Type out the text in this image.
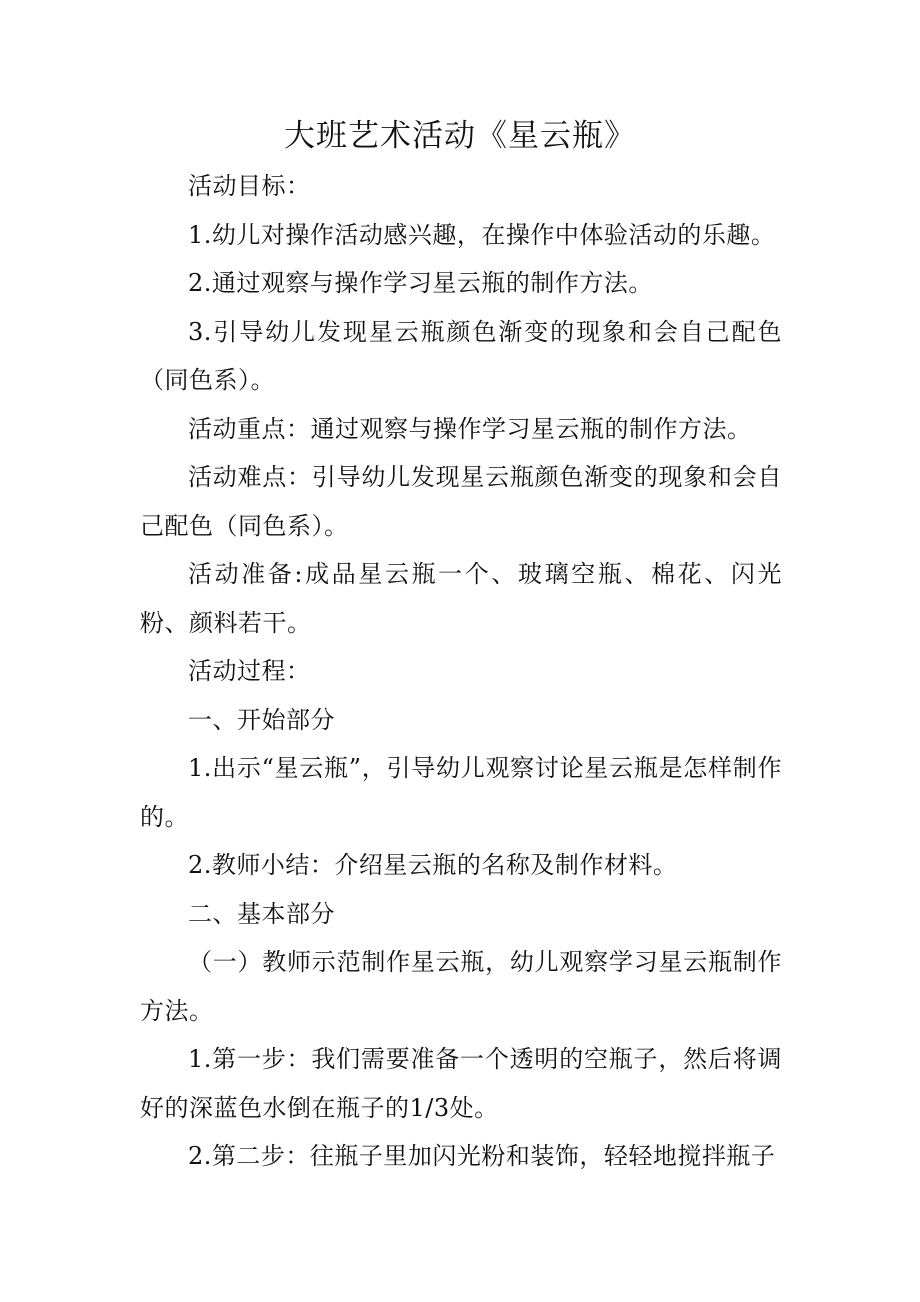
大班艺术活动《星云瓶》

活动目标：

1.幼儿对操作活动感兴趣，在操作中体验活动的乐趣。

2.通过观察与操作学习星云瓶的制作方法。

3.引导幼儿发现星云瓶颜色渐变的现象和会自己配色（同色系）。

活动重点：通过观察与操作学习星云瓶的制作方法。

活动难点：引导幼儿发现星云瓶颜色渐变的现象和会自己配色（同色系）。

活动准备:成品星云瓶一个、玻璃空瓶、棉花、闪光粉、颜料若干。

活动过程：

一、开始部分

1.出示“星云瓶”，引导幼儿观察讨论星云瓶是怎样制作的。

2.教师小结：介绍星云瓶的名称及制作材料。

二、基本部分

（一）教师示范制作星云瓶，幼儿观察学习星云瓶制作方法。

1.第一步：我们需要准备一个透明的空瓶子，然后将调好的深蓝色水倒在瓶子的1/3处。

2.第二步：往瓶子里加闪光粉和装饰，轻轻地搅拌瓶子
